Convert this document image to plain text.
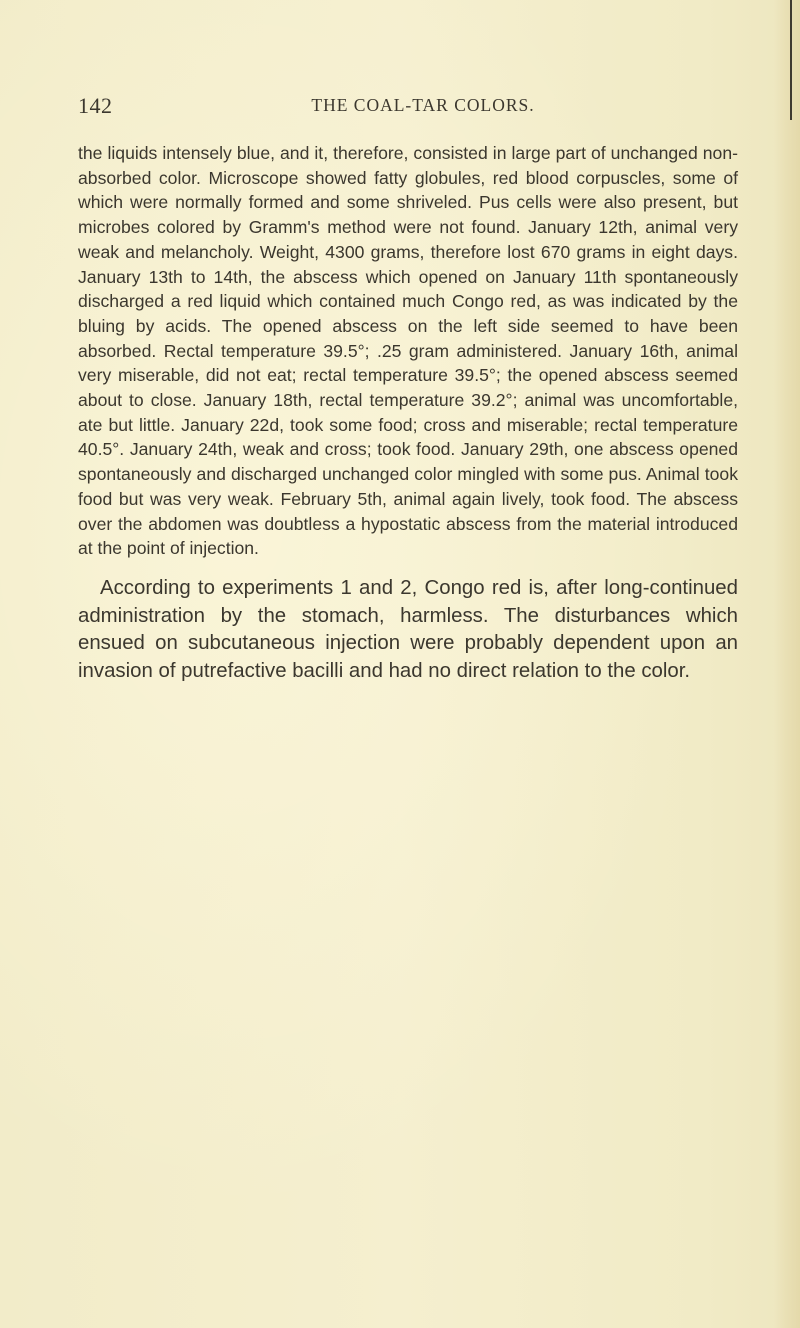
142	THE COAL-TAR COLORS.

the liquids intensely blue, and it, therefore, consisted in large part of unchanged non-absorbed color. Microscope showed fatty globules, red blood corpuscles, some of which were normally formed and some shriveled. Pus cells were also present, but microbes colored by Gramm's method were not found. January 12th, animal very weak and melancholy. Weight, 4300 grams, therefore lost 670 grams in eight days. January 13th to 14th, the abscess which opened on January 11th spontaneously discharged a red liquid which contained much Congo red, as was indicated by the bluing by acids. The opened abscess on the left side seemed to have been absorbed. Rectal temperature 39.5°; .25 gram administered. January 16th, animal very miserable, did not eat; rectal temperature 39.5°; the opened abscess seemed about to close. January 18th, rectal temperature 39.2°; animal was uncomfortable, ate but little. January 22d, took some food; cross and miserable; rectal temperature 40.5°. January 24th, weak and cross; took food. January 29th, one abscess opened spontaneously and discharged unchanged color mingled with some pus. Animal took food but was very weak. February 5th, animal again lively, took food. The abscess over the abdomen was doubtless a hypostatic abscess from the material introduced at the point of injection.

According to experiments 1 and 2, Congo red is, after long-continued administration by the stomach, harmless. The disturbances which ensued on subcutaneous injection were probably dependent upon an invasion of putrefactive bacilli and had no direct relation to the color.
